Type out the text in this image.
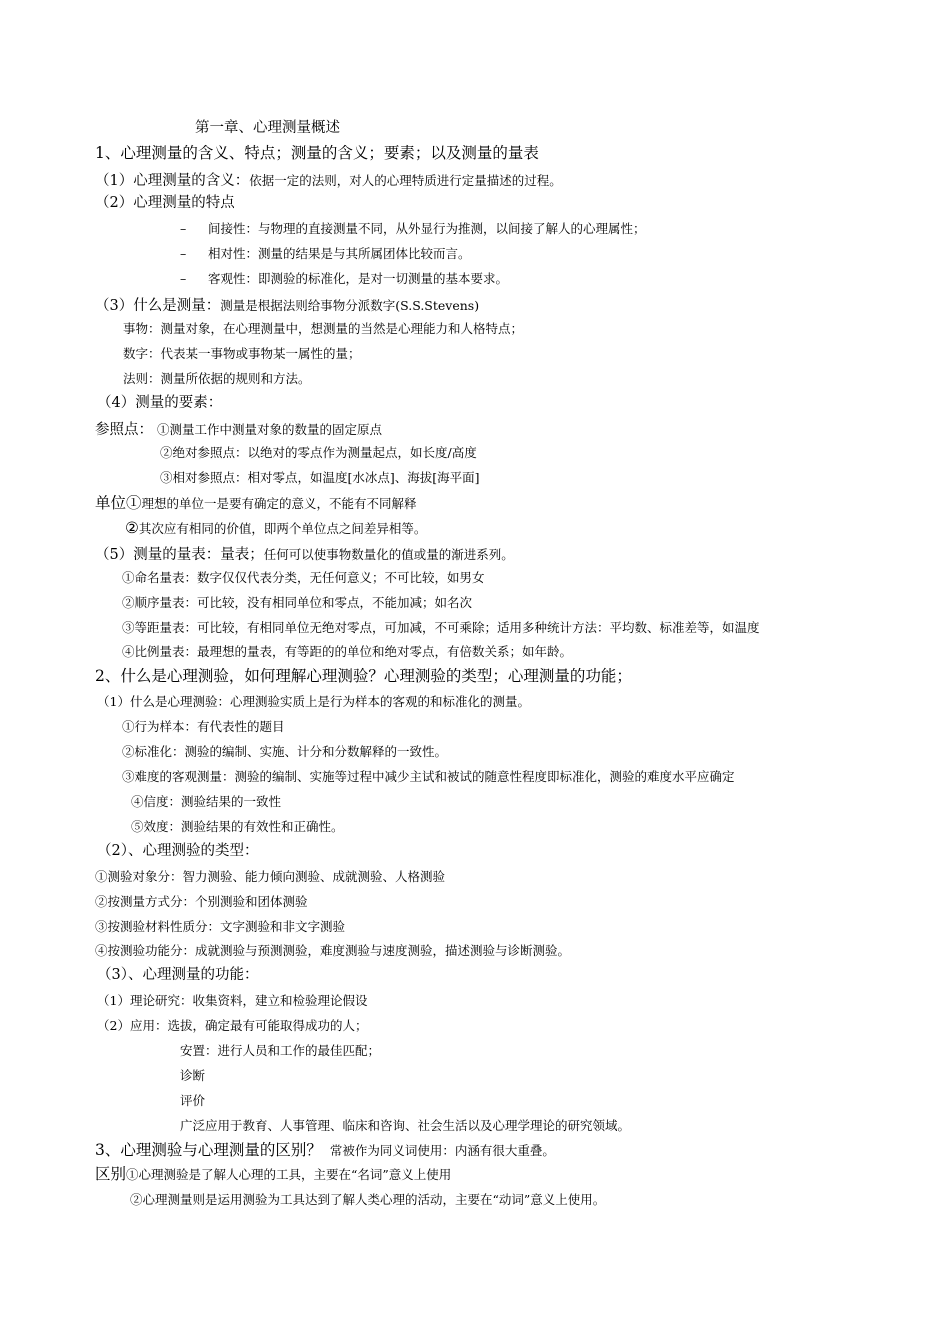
第一章、心理测量概述
1、心理测量的含义、特点；测量的含义；要素；以及测量的量表
（1）心理测量的含义：依据一定的法则，对人的心理特质进行定量描述的过程。
（2）心理测量的特点
– 间接性：与物理的直接测量不同，从外显行为推测，以间接了解人的心理属性；
– 相对性：测量的结果是与其所属团体比较而言。
– 客观性：即测验的标准化，是对一切测量的基本要求。
（3）什么是测量：测量是根据法则给事物分派数字(S.S.Stevens)
事物：测量对象，在心理测量中，想测量的当然是心理能力和人格特点；
数字：代表某一事物或事物某一属性的量；
法则：测量所依据的规则和方法。
（4）测量的要素：
参照点： ①测量工作中测量对象的数量的固定原点
②绝对参照点：以绝对的零点作为测量起点，如长度/高度
③相对参照点：相对零点，如温度[水冰点]、海拔[海平面]
单位①理想的单位一是要有确定的意义，不能有不同解释
②其次应有相同的价值，即两个单位点之间差异相等。
（5）测量的量表：量表；任何可以使事物数量化的值或量的渐进系列。
①命名量表：数字仅仅代表分类，无任何意义；不可比较，如男女
②顺序量表：可比较，没有相同单位和零点，不能加减；如名次
③等距量表：可比较，有相同单位无绝对零点，可加减，不可乘除；适用多种统计方法：平均数、标准差等，如温度
④比例量表：最理想的量表，有等距的的单位和绝对零点，有倍数关系；如年龄。
2、什么是心理测验，如何理解心理测验？心理测验的类型；心理测量的功能；
（1）什么是心理测验：心理测验实质上是行为样本的客观的和标准化的测量。
①行为样本：有代表性的题目
②标准化：测验的编制、实施、计分和分数解释的一致性。
③难度的客观测量：测验的编制、实施等过程中减少主试和被试的随意性程度即标准化，测验的难度水平应确定
④信度：测验结果的一致性
⑤效度：测验结果的有效性和正确性。
（2）、心理测验的类型：
①测验对象分：智力测验、能力倾向测验、成就测验、人格测验
②按测量方式分：个别测验和团体测验
③按测验材料性质分：文字测验和非文字测验
④按测验功能分：成就测验与预测测验，难度测验与速度测验，描述测验与诊断测验。
（3）、心理测量的功能：
（1）理论研究：收集资料，建立和检验理论假设
（2）应用：选拔，确定最有可能取得成功的人；
安置：进行人员和工作的最佳匹配；
诊断
评价
广泛应用于教育、人事管理、临床和咨询、社会生活以及心理学理论的研究领域。
3、心理测验与心理测量的区别？ 常被作为同义词使用：内涵有很大重叠。
区别①心理测验是了解人心理的工具，主要在“名词”意义上使用
②心理测量则是运用测验为工具达到了解人类心理的活动，主要在“动词”意义上使用。
